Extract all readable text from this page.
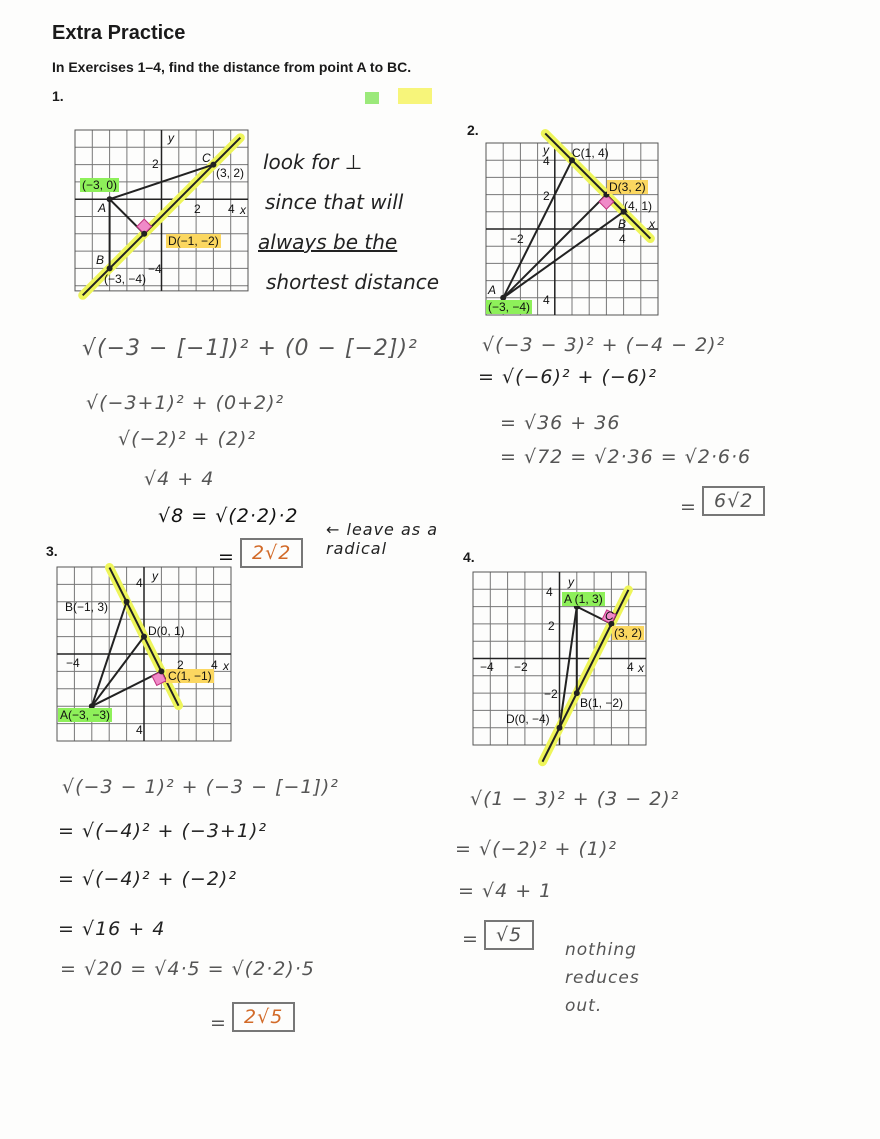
Extra Practice
In Exercises 1–4, find the distance from point A to BC.
1.
2.
3.	4.
(−3, 0)
A
B
(−3, −4)
C
(3, 2)
D(−1, −2)
2
2 4 x
y
−4
C(1, 4)
D(3, 2)
(4, 1)
B
A
(−3, −4)
4
2
−2	4
x
y
4
B(−1, 3)
D(0, 1)
C(1, −1)
A(−3, −3)
4
−4	2 4 x
y
4
A (1, 3)
C
(3, 2)
B(1, −2)
D(0, −4)
4
2
−4 −2	4 x
y
−2
look for ⊥
since that will
always be the
shortest distance
√(−3 − [−1])² + (0 − [−2])²
√(−3+1)² + (0+2)²
√(−2)² + (2)²
√4 + 4
√8 = √(2·2)·2
= 2√2
← leave as a radical
√(−3 − 3)² + (−4 − 2)²
= √(−6)² + (−6)²
= √36 + 36
= √72 = √2·36 = √2·6·6
= 6√2
√(−3 − 1)² + (−3 − [−1])²
= √(−4)² + (−3+1)²
= √(−4)² + (−2)²
= √16 + 4
= √20 = √4·5 = √(2·2)·5
= 2√5
√(1 − 3)² + (3 − 2)²
= √(−2)² + (1)²
= √4 + 1
= √5
nothing
reduces
out.
